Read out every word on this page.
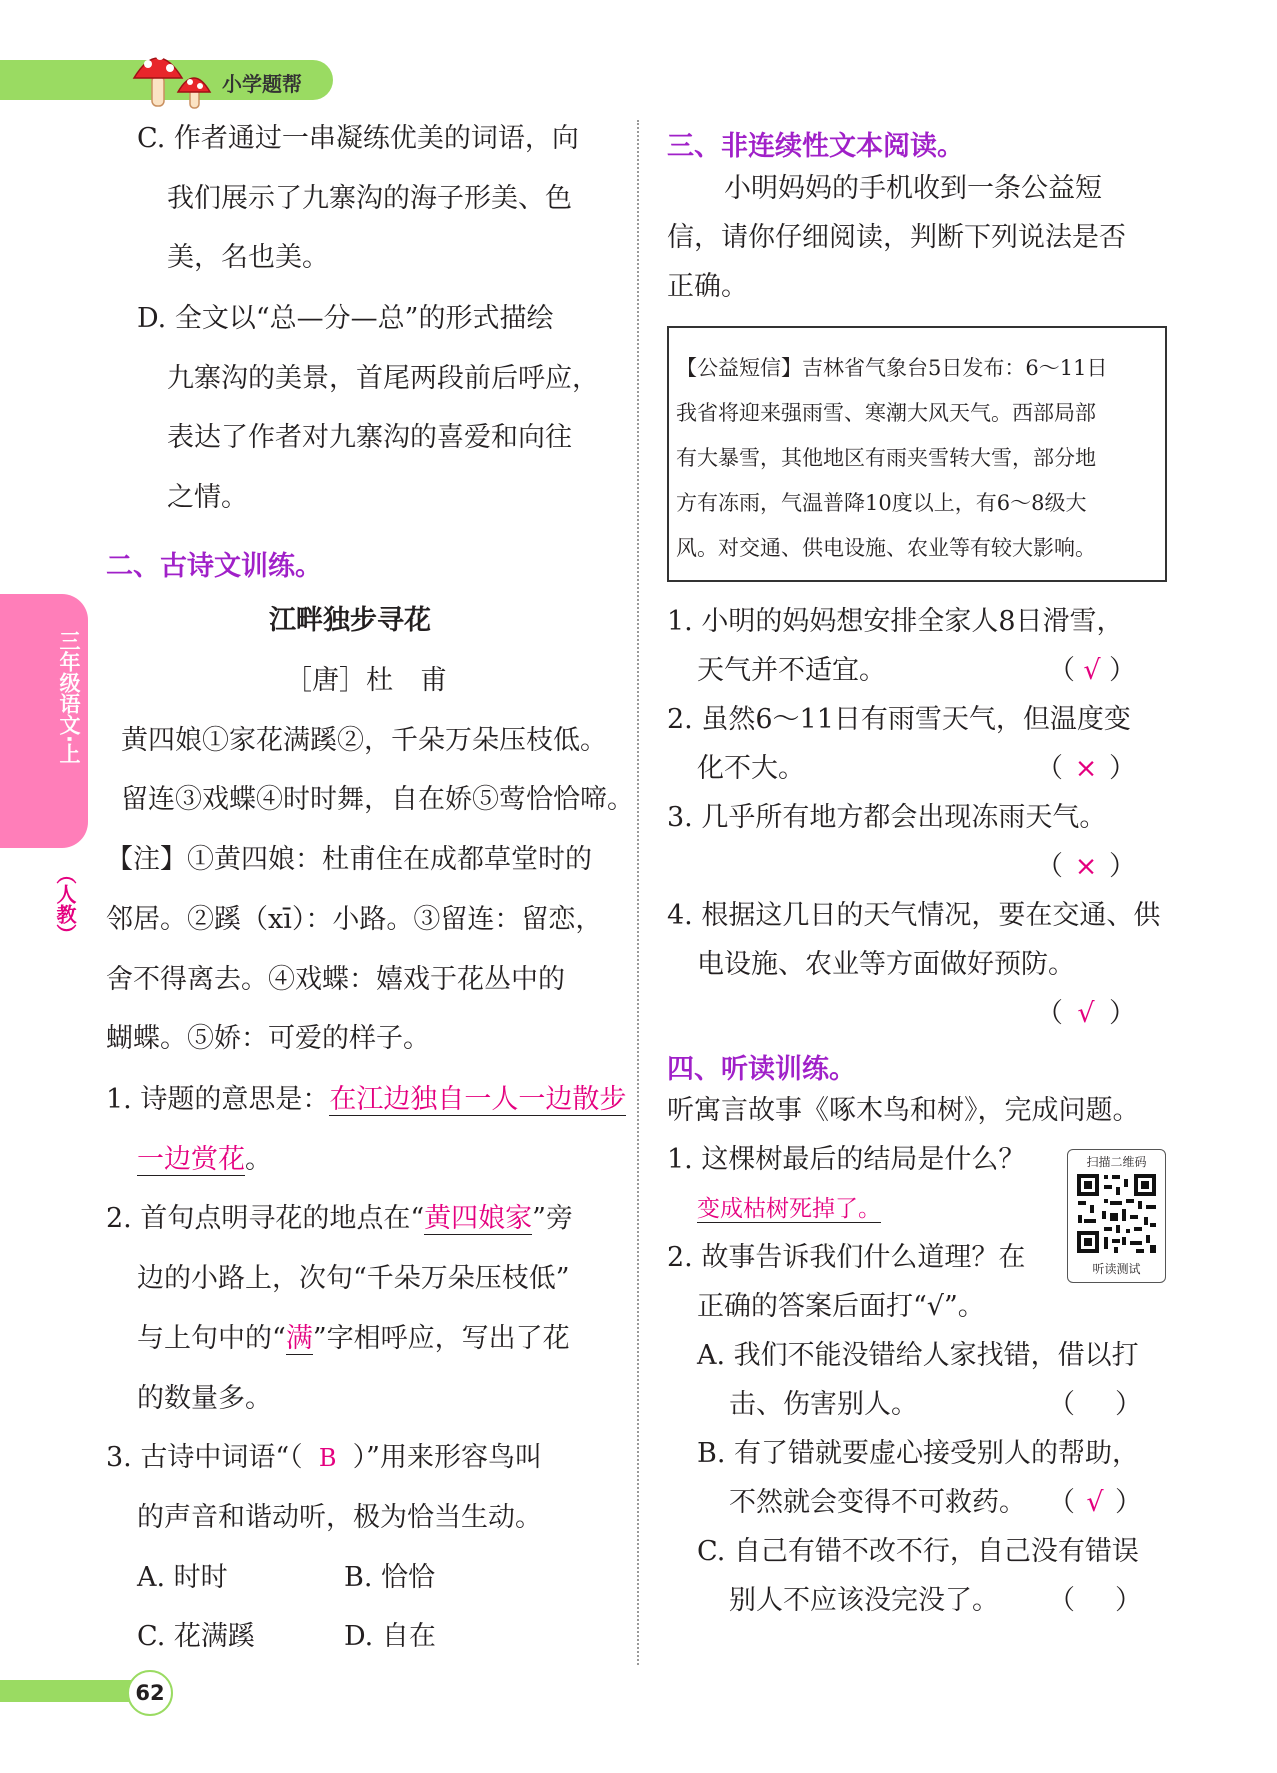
小学题帮
三年级语文·上
（人教）
62
C. 作者通过一串凝练优美的词语，向
我们展示了九寨沟的海子形美、色
美，名也美。
D. 全文以“总—分—总”的形式描绘
九寨沟的美景，首尾两段前后呼应，
表达了作者对九寨沟的喜爱和向往
之情。
二、古诗文训练。
江畔独步寻花
［唐］杜　甫
黄四娘①家花满蹊②，千朵万朵压枝低。
留连③戏蝶④时时舞，自在娇⑤莺恰恰啼。
【注】①黄四娘：杜甫住在成都草堂时的
邻居。②蹊（xī）：小路。③留连：留恋，
舍不得离去。④戏蝶：嬉戏于花丛中的
蝴蝶。⑤娇：可爱的样子。
1. 诗题的意思是：在江边独自一人一边散步
一边赏花。
2. 首句点明寻花的地点在“黄四娘家”旁
边的小路上，次句“千朵万朵压枝低”
与上句中的“满”字相呼应，写出了花
的数量多。
3. 古诗中词语“（ B ）”用来形容鸟叫
的声音和谐动听，极为恰当生动。
A. 时时	B. 恰恰
C. 花满蹊	D. 自在
三、非连续性文本阅读。
小明妈妈的手机收到一条公益短
信，请你仔细阅读，判断下列说法是否
正确。
【公益短信】吉林省气象台5日发布：6～11日
我省将迎来强雨雪、寒潮大风天气。西部局部
有大暴雪，其他地区有雨夹雪转大雪，部分地
方有冻雨，气温普降10度以上，有6～8级大
风。对交通、供电设施、农业等有较大影响。
1. 小明的妈妈想安排全家人8日滑雪，
天气并不适宜。	（ √ ）
2. 虽然6～11日有雨雪天气，但温度变
化不大。	（ × ）
3. 几乎所有地方都会出现冻雨天气。
（ × ）
4. 根据这几日的天气情况，要在交通、供
电设施、农业等方面做好预防。
（ √ ）
四、听读训练。
听寓言故事《啄木鸟和树》，完成问题。
1. 这棵树最后的结局是什么？
变成枯树死掉了。
扫描二维码
听读测试
2. 故事告诉我们什么道理？在
正确的答案后面打“√”。
A. 我们不能没错给人家找错，借以打
击、伤害别人。	（ ）
B. 有了错就要虚心接受别人的帮助，
不然就会变得不可救药。 （ √ ）
C. 自己有错不改不行，自己没有错误
别人不应该没完没了。 （ ）
